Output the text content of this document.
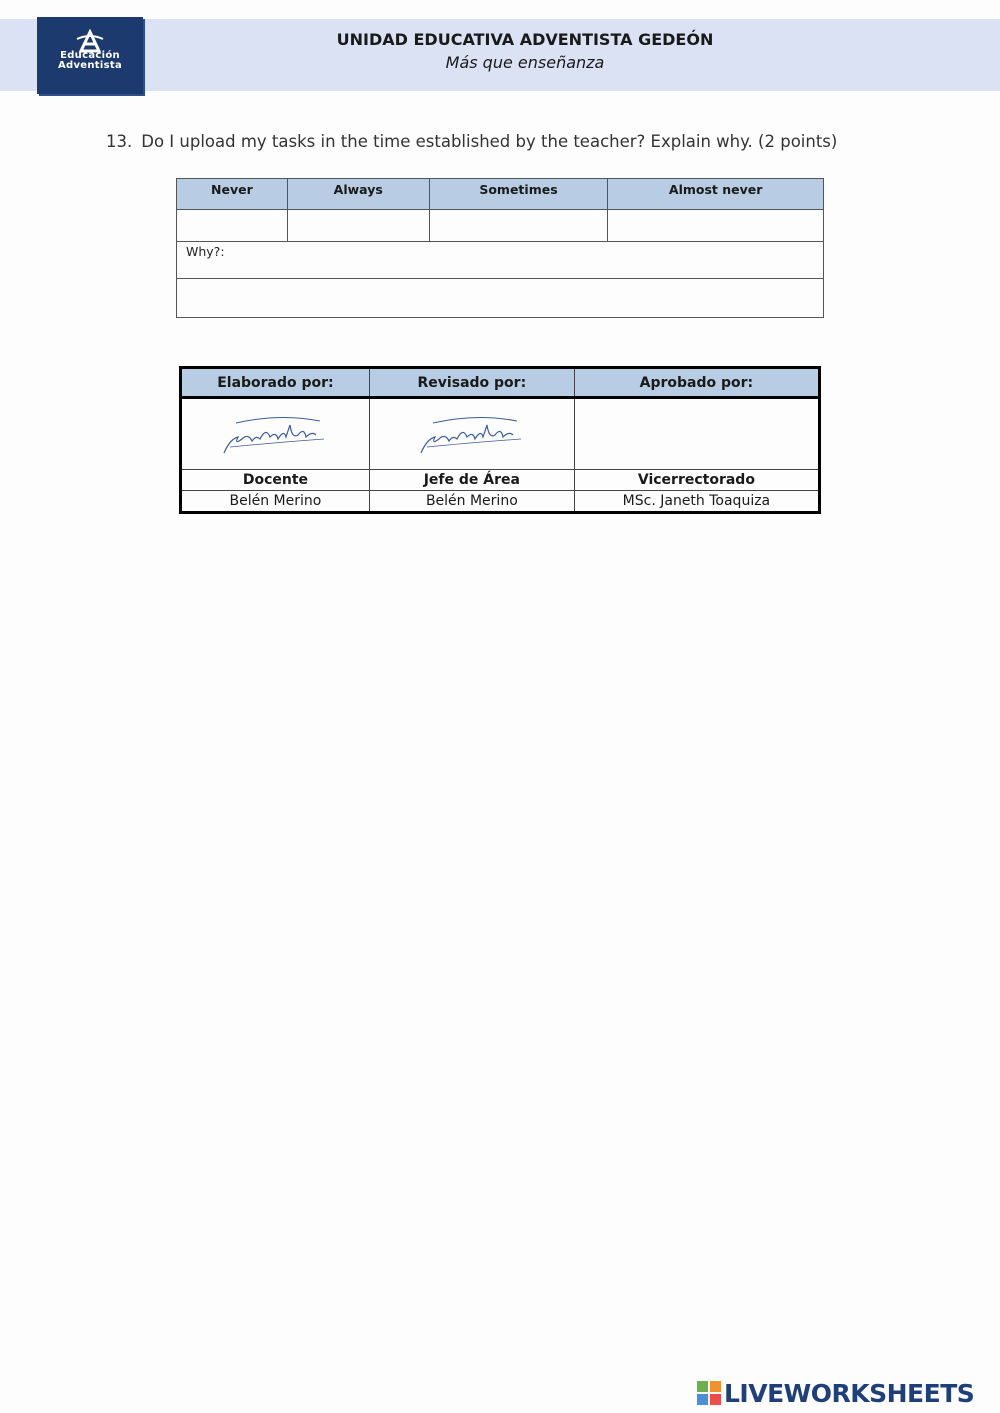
Educación
Adventista
UNIDAD EDUCATIVA ADVENTISTA GEDEÓN
Más que enseñanza
13. Do I upload my tasks in the time established by the teacher? Explain why. (2 points)
Never	Always	Sometimes	Almost never

Why?:			

Elaborado por:	Revisado por:	Aprobado por:

Docente	Jefe de Área	Vicerrectorado
Belén Merino	Belén Merino	MSc. Janeth Toaquiza
LIVEWORKSHEETS
